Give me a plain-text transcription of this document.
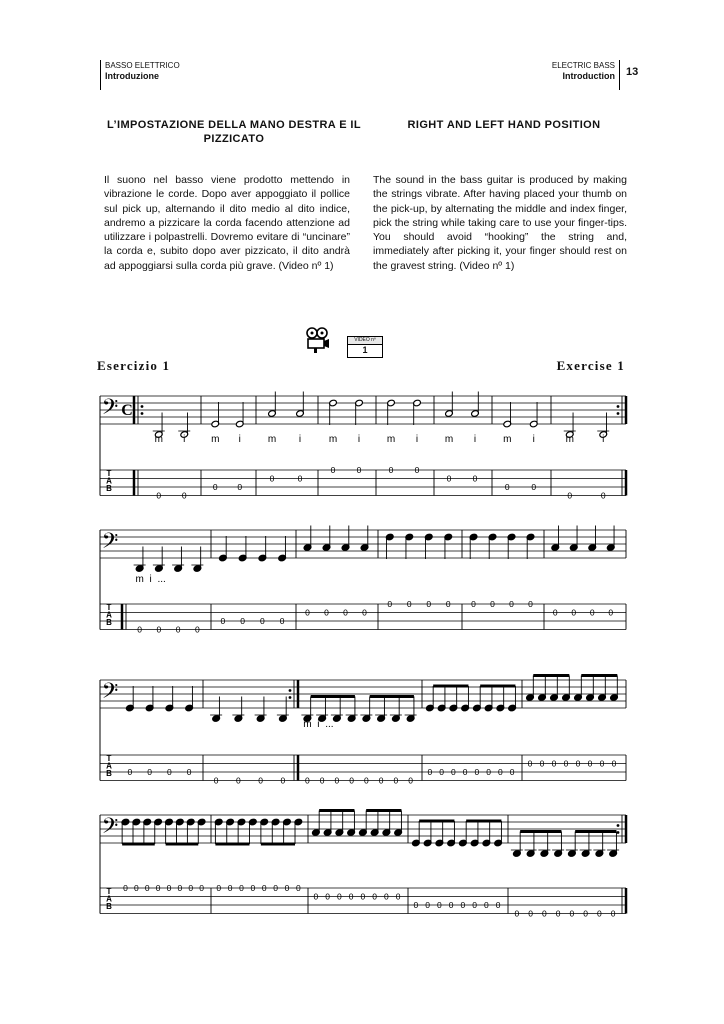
BASSO ELETTRICO
Introduzione
ELECTRIC BASS
Introduction	13
L’IMPOSTAZIONE DELLA MANO DESTRA E IL PIZZICATO
RIGHT AND LEFT HAND POSITION
Il suono nel basso viene prodotto mettendo in vibrazione le corde. Dopo aver appoggiato il pollice sul pick up, alternando il dito medio al dito indice, andremo a pizzicare la corda facendo attenzione ad utilizzare i polpastrelli. Dovremo evitare di “uncinare” la corda e, subito dopo aver pizzicato, il dito andrà ad appoggiarsi sulla corda più grave. (Video nº 1)
The sound in the bass guitar is produced by making the strings vibrate. After having placed your thumb on the pick-up, by alternating the middle and index finger, pick the string while taking care to use your finger-tips. You should avoid “hooking” the string and, immediately after picking it, your finger should rest on the gravest string. (Video nº 1)
VIDEO nº
1
Esercizio 1	Exercise 1
𝄢
T
A
B
C
0 0
m i
0 0
m i
0	0
m i
0	0
m i
0	0
m i
0	0
m i
0	0
m i
0	0
m	i
𝄢
T
A
B
0 0 0 0
m i ...
0 0 0 0
0 0 0 0
0 0 0 0 0 0 0 0
0 0 0 0
𝄢
T
A
B 0 0 0 0
0 0 0 0 0 0 0 0 0 0 0 0
m i ...
0 0 0 0 0 0 0 0
0 0 0 0 0 0 0 0
𝄢
T
A
B
0 0 0 0 0 0 0 0 0 0 0 0 0 0 0 0
0 0 0 0 0 0 0 0
0 0 0 0 0 0 0 0
0 0 0 0 0 0 0 0
